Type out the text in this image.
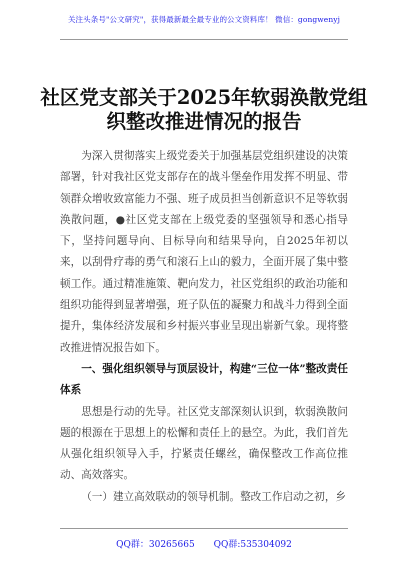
关注头条号"公文研究"，获得最新最全最专业的公文资料库！ 微信：gongwenyj
社区党支部关于2025年软弱涣散党组
织整改推进情况的报告

为深入贯彻落实上级党委关于加强基层党组织建设的决策部署，针对我社区党支部存在的战斗堡垒作用发挥不明显、带领群众增收致富能力不强、班子成员担当创新意识不足等软弱涣散问题，●社区党支部在上级党委的坚强领导和悉心指导下，坚持问题导向、目标导向和结果导向，自2025年初以来，以刮骨疗毒的勇气和滚石上山的毅力，全面开展了集中整顿工作。通过精准施策、靶向发力，社区党组织的政治功能和组织功能得到显著增强，班子队伍的凝聚力和战斗力得到全面提升，集体经济发展和乡村振兴事业呈现出崭新气象。现将整改推进情况报告如下。

一、强化组织领导与顶层设计，构建“三位一体”整改责任体系

思想是行动的先导。社区党支部深刻认识到，软弱涣散问题的根源在于思想上的松懈和责任上的悬空。为此，我们首先从强化组织领导入手，拧紧责任螺丝，确保整改工作高位推动、高效落实。

（一）建立高效联动的领导机制。整改工作启动之初，乡

QQ群：30265665 QQ群:535304092
